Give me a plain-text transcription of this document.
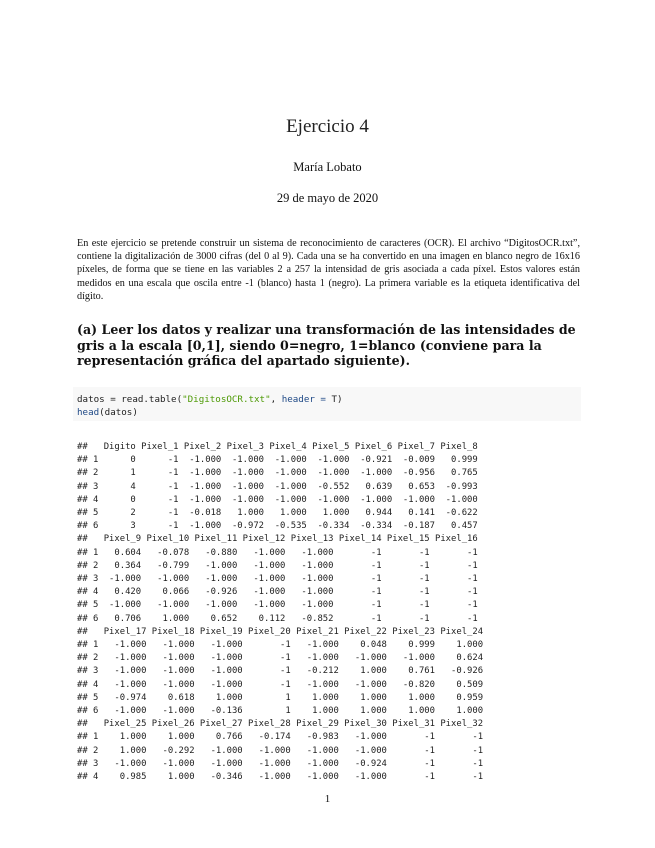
Ejercicio 4
María Lobato
29 de mayo de 2020
En este ejercicio se pretende construir un sistema de reconocimiento de caracteres (OCR). El archivo “DigitosOCR.txt”, contiene la digitalización de 3000 cifras (del 0 al 9). Cada una se ha convertido en una imagen en blanco negro de 16x16 píxeles, de forma que se tiene en las variables 2 a 257 la intensidad de gris asociada a cada píxel. Estos valores están medidos en una escala que oscila entre -1 (blanco) hasta 1 (negro). La primera variable es la etiqueta identificativa del dígito.
(a) Leer los datos y realizar una transformación de las intensidades de gris a la escala [0,1], siendo 0=negro, 1=blanco (conviene para la representación gráfica del apartado siguiente).
datos = read.table("DigitosOCR.txt", header = T)
head(datos)
##   Digito Pixel_1 Pixel_2 Pixel_3 Pixel_4 Pixel_5 Pixel_6 Pixel_7 Pixel_8
## 1      0      -1  -1.000  -1.000  -1.000  -1.000  -0.921  -0.009   0.999
## 2      1      -1  -1.000  -1.000  -1.000  -1.000  -1.000  -0.956   0.765
## 3      4      -1  -1.000  -1.000  -1.000  -0.552   0.639   0.653  -0.993
## 4      0      -1  -1.000  -1.000  -1.000  -1.000  -1.000  -1.000  -1.000
## 5      2      -1  -0.018   1.000   1.000   1.000   0.944   0.141  -0.622
## 6      3      -1  -1.000  -0.972  -0.535  -0.334  -0.334  -0.187   0.457
##   Pixel_9 Pixel_10 Pixel_11 Pixel_12 Pixel_13 Pixel_14 Pixel_15 Pixel_16
## 1   0.604   -0.078   -0.880   -1.000   -1.000       -1       -1       -1
## 2   0.364   -0.799   -1.000   -1.000   -1.000       -1       -1       -1
## 3  -1.000   -1.000   -1.000   -1.000   -1.000       -1       -1       -1
## 4   0.420    0.066   -0.926   -1.000   -1.000       -1       -1       -1
## 5  -1.000   -1.000   -1.000   -1.000   -1.000       -1       -1       -1
## 6   0.706    1.000    0.652    0.112   -0.852       -1       -1       -1
##   Pixel_17 Pixel_18 Pixel_19 Pixel_20 Pixel_21 Pixel_22 Pixel_23 Pixel_24
## 1   -1.000   -1.000   -1.000       -1   -1.000    0.048    0.999    1.000
## 2   -1.000   -1.000   -1.000       -1   -1.000   -1.000   -1.000    0.624
## 3   -1.000   -1.000   -1.000       -1   -0.212    1.000    0.761   -0.926
## 4   -1.000   -1.000   -1.000       -1   -1.000   -1.000   -0.820    0.509
## 5   -0.974    0.618    1.000        1    1.000    1.000    1.000    0.959
## 6   -1.000   -1.000   -0.136        1    1.000    1.000    1.000    1.000
##   Pixel_25 Pixel_26 Pixel_27 Pixel_28 Pixel_29 Pixel_30 Pixel_31 Pixel_32
## 1    1.000    1.000    0.766   -0.174   -0.983   -1.000       -1       -1
## 2    1.000   -0.292   -1.000   -1.000   -1.000   -1.000       -1       -1
## 3   -1.000   -1.000   -1.000   -1.000   -1.000   -0.924       -1       -1
## 4    0.985    1.000   -0.346   -1.000   -1.000   -1.000       -1       -1
1
